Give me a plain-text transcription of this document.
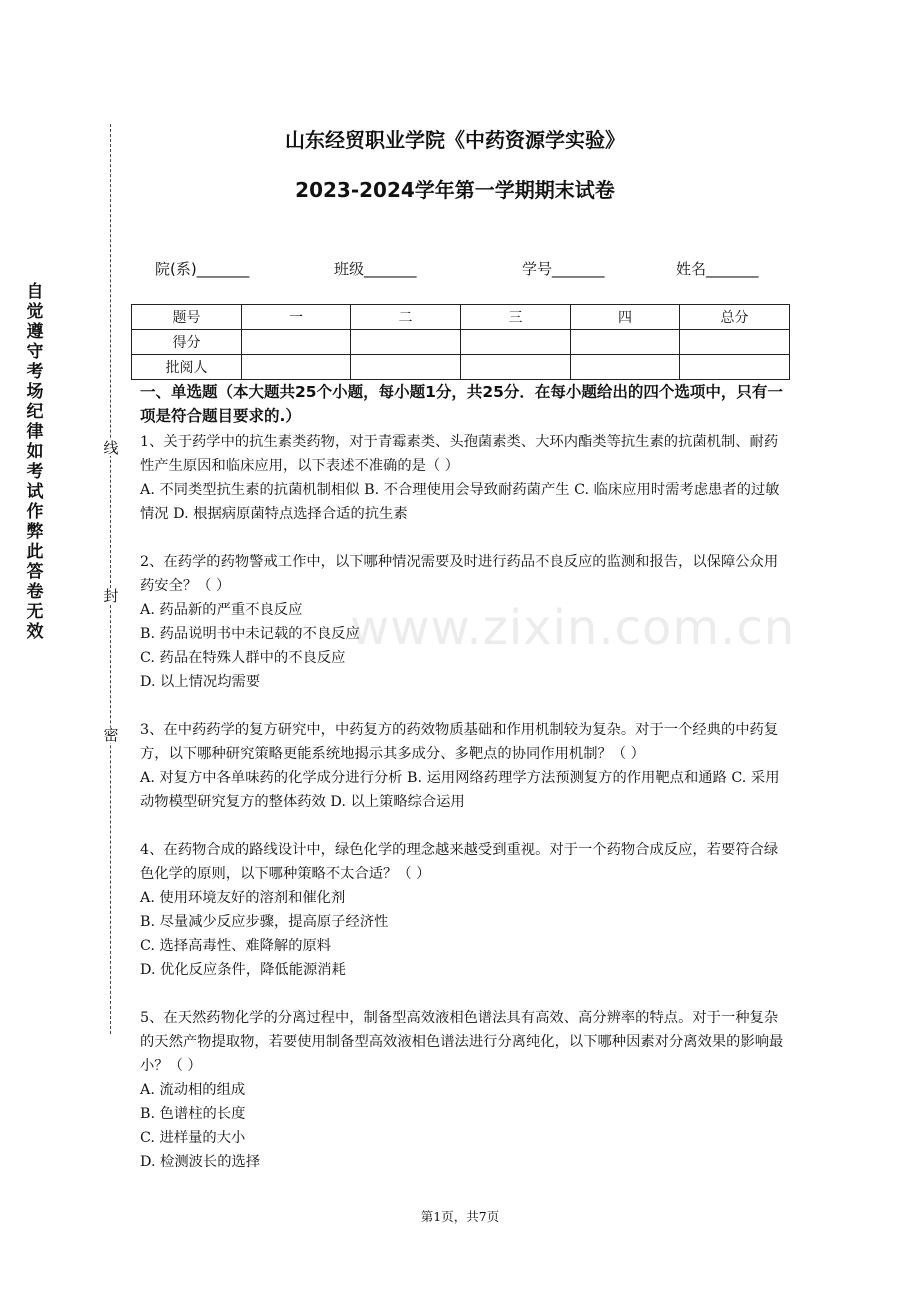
自觉遵守考场纪律如考试作弊此答卷无效
线
封
密
www.zixin.com.cn
山东经贸职业学院《中药资源学实验》
2023-2024学年第一学期期末试卷
院(系)_______	班级_______	学号_______	姓名_______
题号	一	二	三	四	总分
得分					
批阅人					

一、单选题（本大题共25个小题，每小题1分，共25分．在每小题给出的四个选项中，只有一项是符合题目要求的.）

1、关于药学中的抗生素类药物，对于青霉素类、头孢菌素类、大环内酯类等抗生素的抗菌机制、耐药性产生原因和临床应用，以下表述不准确的是（ ）

A. 不同类型抗生素的抗菌机制相似 B. 不合理使用会导致耐药菌产生 C. 临床应用时需考虑患者的过敏情况 D. 根据病原菌特点选择合适的抗生素

2、在药学的药物警戒工作中，以下哪种情况需要及时进行药品不良反应的监测和报告，以保障公众用药安全？（ ）

A. 药品新的严重不良反应

B. 药品说明书中未记载的不良反应

C. 药品在特殊人群中的不良反应

D. 以上情况均需要

3、在中药药学的复方研究中，中药复方的药效物质基础和作用机制较为复杂。对于一个经典的中药复方，以下哪种研究策略更能系统地揭示其多成分、多靶点的协同作用机制？（ ）

A. 对复方中各单味药的化学成分进行分析 B. 运用网络药理学方法预测复方的作用靶点和通路 C. 采用动物模型研究复方的整体药效 D. 以上策略综合运用

4、在药物合成的路线设计中，绿色化学的理念越来越受到重视。对于一个药物合成反应，若要符合绿色化学的原则，以下哪种策略不太合适？（ ）

A. 使用环境友好的溶剂和催化剂

B. 尽量减少反应步骤，提高原子经济性

C. 选择高毒性、难降解的原料

D. 优化反应条件，降低能源消耗

5、在天然药物化学的分离过程中，制备型高效液相色谱法具有高效、高分辨率的特点。对于一种复杂的天然产物提取物，若要使用制备型高效液相色谱法进行分离纯化，以下哪种因素对分离效果的影响最小？（ ）

A. 流动相的组成

B. 色谱柱的长度

C. 进样量的大小

D. 检测波长的选择

第1页，共7页
